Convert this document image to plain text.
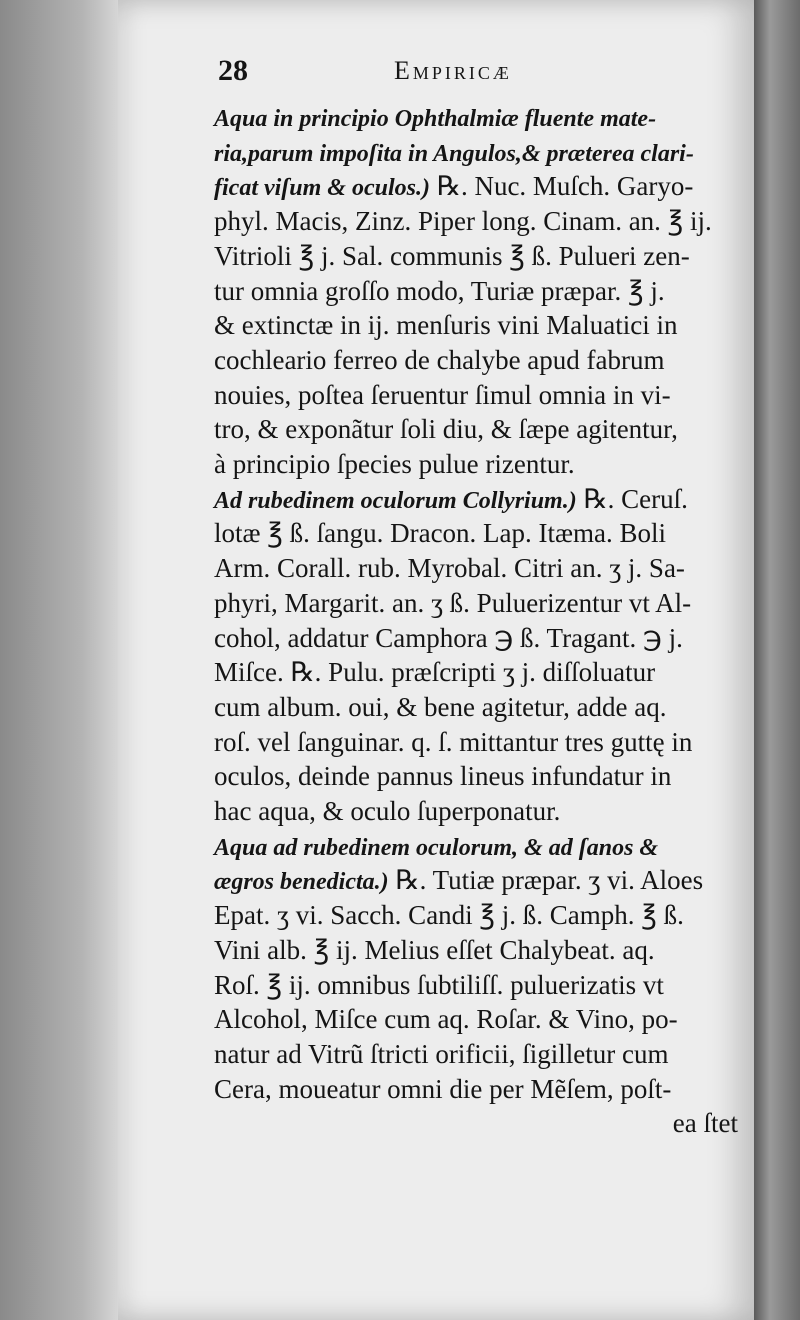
28	Empiricæ
Aqua in principio Ophthalmiæ fluente mate-
ria,parum impoſita in Angulos,& præterea clari-
ficat viſum & oculos.) ℞. Nuc. Muſch. Garyo-
phyl. Macis, Zinz. Piper long. Cinam. an. ℥ ij.
Vitrioli ℥ j. Sal. communis ℥ ß. Pulueri zen-
tur omnia groſſo modo, Turiæ præpar. ℥ j.
& extinctæ in ij. menſuris vini Maluatici in
cochleario ferreo de chalybe apud fabrum
nouies, poſtea ſeruentur ſimul omnia in vi-
tro, & exponãtur ſoli diu, & ſæpe agitentur,
à principio ſpecies pulue rizentur.
Ad rubedinem oculorum Collyrium.) ℞. Ceruſ.
lotæ ℥ ß. ſangu. Dracon. Lap. Itæma. Boli
Arm. Corall. rub. Myrobal. Citri an. ʒ j. Sa-
phyri, Margarit. an. ʒ ß. Puluerizentur vt Al-
cohol, addatur Camphora ℈ ß. Tragant. ℈ j.
Miſce. ℞. Pulu. præſcripti ʒ j. diſſoluatur
cum album. oui, & bene agitetur, adde aq.
roſ. vel ſanguinar. q. ſ. mittantur tres guttę in
oculos, deinde pannus lineus infundatur in
hac aqua, & oculo ſuperponatur.
Aqua ad rubedinem oculorum, & ad ſanos &
ægros benedicta.) ℞. Tutiæ præpar. ʒ vi. Aloes
Epat. ʒ vi. Sacch. Candi ℥ j. ß. Camph. ℥ ß.
Vini alb. ℥ ij. Melius eſſet Chalybeat. aq.
Roſ. ℥ ij. omnibus ſubtiliſſ. puluerizatis vt
Alcohol, Miſce cum aq. Roſar. & Vino, po-
natur ad Vitrũ ſtricti orificii, ſigilletur cum
Cera, moueatur omni die per Mẽſem, poſt-
ea ſtet
